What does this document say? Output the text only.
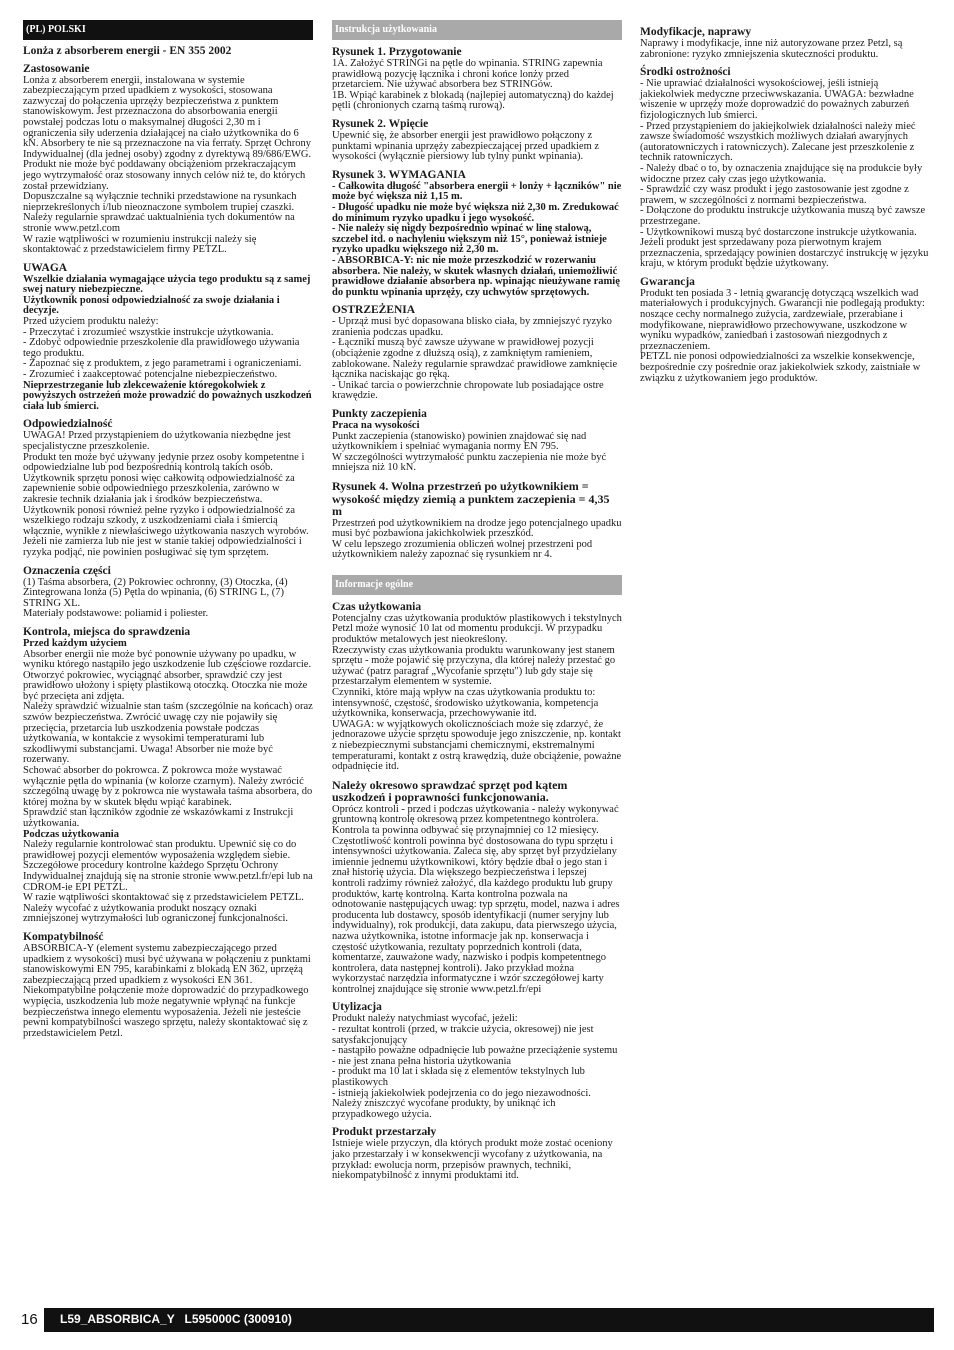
(PL) POLSKI
Lonża z absorberem energii - EN 355 2002
Zastosowanie

Lonża z absorberem energii, instalowana w systemie zabezpieczającym przed upadkiem z wysokości, stosowana zazwyczaj do połączenia uprzęży bezpieczeństwa z punktem stanowiskowym. Jest przeznaczona do absorbowania energii powstałej podczas lotu o maksymalnej długości 2,30 m i ograniczenia siły uderzenia działającej na ciało użytkownika do 6 kN. Absorbery te nie są przeznaczone na via ferraty. Sprzęt Ochrony Indywidualnej (dla jednej osoby) zgodny z dyrektywą 89/686/EWG.

Produkt nie może być poddawany obciążeniom przekraczającym jego wytrzymałość oraz stosowany innych celów niż te, do których został przewidziany.

Dopuszczalne są wyłącznie techniki przedstawione na rysunkach nieprzekreślonych i/lub nieoznaczone symbolem trupiej czaszki. Należy regularnie sprawdzać uaktualnienia tych dokumentów na stronie www.petzl.com

W razie wątpliwości w rozumieniu instrukcji należy się skontaktować z przedstawicielem firmy PETZL.

UWAGA
Wszelkie działania wymagające użycia tego produktu są z samej swej natury niebezpieczne.
Użytkownik ponosi odpowiedzialność za swoje działania i decyzje.

Przed użyciem produktu należy:

- Przeczytać i zrozumieć wszystkie instrukcje użytkowania.

- Zdobyć odpowiednie przeszkolenie dla prawidłowego używania tego produktu.

- Zapoznać się z produktem, z jego parametrami i ograniczeniami.

- Zrozumieć i zaakceptować potencjalne niebezpieczeństwo.

Nieprzestrzeganie lub zlekceważenie któregokolwiek z powyższych ostrzeżeń może prowadzić do poważnych uszkodzeń ciała lub śmierci.
Odpowiedzialność

UWAGA! Przed przystąpieniem do użytkowania niezbędne jest specjalistyczne przeszkolenie.

Produkt ten może być używany jedynie przez osoby kompetentne i odpowiedzialne lub pod bezpośrednią kontrolą takich osób.

Użytkownik sprzętu ponosi więc całkowitą odpowiedzialność za zapewnienie sobie odpowiedniego przeszkolenia, zarówno w zakresie technik działania jak i środków bezpieczeństwa.

Użytkownik ponosi również pełne ryzyko i odpowiedzialność za wszelkiego rodzaju szkody, z uszkodzeniami ciała i śmiercią włącznie, wynikłe z niewłaściwego użytkowania naszych wyrobów. Jeżeli nie zamierza lub nie jest w stanie takiej odpowiedzialności i ryzyka podjąć, nie powinien posługiwać się tym sprzętem.

Oznaczenia części

(1) Taśma absorbera, (2) Pokrowiec ochronny, (3) Otoczka, (4) Zintegrowana lonża (5) Pętla do wpinania, (6) STRING L, (7) STRING XL.

Materiały podstawowe: poliamid i poliester.

Kontrola, miejsca do sprawdzenia
Przed każdym użyciem

Absorber energii nie może być ponownie używany po upadku, w wyniku którego nastąpiło jego uszkodzenie lub częściowe rozdarcie.

Otworzyć pokrowiec, wyciągnąć absorber, sprawdzić czy jest prawidłowo ułożony i spięty plastikową otoczką. Otoczka nie może być przecięta ani zdjęta.

Należy sprawdzić wizualnie stan taśm (szczególnie na końcach) oraz szwów bezpieczeństwa. Zwrócić uwagę czy nie pojawiły się przecięcia, przetarcia lub uszkodzenia powstałe podczas użytkowania, w kontakcie z wysokimi temperaturami lub szkodliwymi substancjami. Uwaga! Absorber nie może być rozerwany.

Schować absorber do pokrowca. Z pokrowca może wystawać wyłącznie pętla do wpinania (w kolorze czarnym). Należy zwrócić szczególną uwagę by z pokrowca nie wystawała taśma absorbera, do której można by w skutek błędu wpiąć karabinek.

Sprawdzić stan łączników zgodnie ze wskazówkami z Instrukcji użytkowania.

Podczas użytkowania

Należy regularnie kontrolować stan produktu. Upewnić się co do prawidłowej pozycji elementów wyposażenia względem siebie.

Szczegółowe procedury kontrolne każdego Sprzętu Ochrony Indywidualnej znajdują się na stronie stronie www.petzl.fr/epi lub na CDROM-ie EPI PETZL.

W razie wątpliwości skontaktować się z przedstawicielem PETZL. Należy wycofać z użytkowania produkt noszący oznaki zmniejszonej wytrzymałości lub ograniczonej funkcjonalności.

Kompatybilność

ABSORBICA-Y (element systemu zabezpieczającego przed upadkiem z wysokości) musi być używana w połączeniu z punktami stanowiskowymi EN 795, karabinkami z blokadą EN 362, uprzężą zabezpieczającą przed upadkiem z wysokości EN 361.

Niekompatybilne połączenie może doprowadzić do przypadkowego wypięcia, uszkodzenia lub może negatywnie wpłynąć na funkcje bezpieczeństwa innego elementu wyposażenia. Jeżeli nie jesteście pewni kompatybilności waszego sprzętu, należy skontaktować się z przedstawicielem Petzl.

Instrukcja użytkowania
Rysunek 1. Przygotowanie

1A. Założyć STRINGi na pętle do wpinania. STRING zapewnia prawidłową pozycję łącznika i chroni końce lonży przed przetarciem. Nie używać absorbera bez STRINGów.

1B. Wpiąć karabinek z blokadą (najlepiej automatyczną) do każdej pętli (chronionych czarną taśmą rurową).

Rysunek 2. Wpięcie

Upewnić się, że absorber energii jest prawidłowo połączony z punktami wpinania uprzęży zabezpieczającej przed upadkiem z wysokości (wyłącznie piersiowy lub tylny punkt wpinania).

Rysunek 3. WYMAGANIA
- Całkowita długość "absorbera energii + lonży + łączników" nie może być większa niż 1,15 m.
- Długość upadku nie może być większa niż 2,30 m. Zredukować do minimum ryzyko upadku i jego wysokość.
- Nie należy się nigdy bezpośrednio wpinać w linę stalową, szczebel itd. o nachyleniu większym niż 15°, ponieważ istnieje ryzyko upadku większego niż 2,30 m.
- ABSORBICA-Y: nic nie może przeszkodzić w rozerwaniu absorbera. Nie należy, w skutek własnych działań, uniemożliwić prawidłowe działanie absorbera np. wpinając nieużywane ramię do punktu wpinania uprzęży, czy uchwytów sprzętowych.
OSTRZEŻENIA

- Uprząż musi być dopasowana blisko ciała, by zmniejszyć ryzyko zranienia podczas upadku.

- Łączniki muszą być zawsze używane w prawidłowej pozycji (obciążenie zgodne z dłuższą osią), z zamkniętym ramieniem, zablokowane. Należy regularnie sprawdzać prawidłowe zamknięcie łącznika naciskając go ręką.

- Unikać tarcia o powierzchnie chropowate lub posiadające ostre krawędzie.

Punkty zaczepienia
Praca na wysokości

Punkt zaczepienia (stanowisko) powinien znajdować się nad użytkownikiem i spełniać wymagania normy EN 795.

W szczególności wytrzymałość punktu zaczepienia nie może być mniejsza niż 10 kN.

Rysunek 4. Wolna przestrzeń po użytkownikiem = wysokość między ziemią a punktem zaczepienia = 4,35 m

Przestrzeń pod użytkownikiem na drodze jego potencjalnego upadku musi być pozbawiona jakichkolwiek przeszkód.

W celu lepszego zrozumienia obliczeń wolnej przestrzeni pod użytkownikiem należy zapoznać się rysunkiem nr 4.

Informacje ogólne
Czas użytkowania

Potencjalny czas użytkowania produktów plastikowych i tekstylnych Petzl może wynosić 10 lat od momentu produkcji. W przypadku produktów metalowych jest nieokreślony.

Rzeczywisty czas użytkowania produktu warunkowany jest stanem sprzętu - może pojawić się przyczyna, dla której należy przestać go używać (patrz paragraf „Wycofanie sprzętu") lub gdy staje się przestarzałym elementem w systemie.

Czynniki, które mają wpływ na czas użytkowania produktu to: intensywność, częstość, środowisko użytkowania, kompetencja użytkownika, konserwacja, przechowywanie itd.

UWAGA: w wyjątkowych okolicznościach może się zdarzyć, że jednorazowe użycie sprzętu spowoduje jego zniszczenie, np. kontakt z niebezpiecznymi substancjami chemicznymi, ekstremalnymi temperaturami, kontakt z ostrą krawędzią, duże obciążenie, poważne odpadnięcie itd.

Należy okresowo sprawdzać sprzęt pod kątem uszkodzeń i poprawności funkcjonowania.

Oprócz kontroli - przed i podczas użytkowania - należy wykonywać gruntowną kontrolę okresową przez kompetentnego kontrolera. Kontrola ta powinna odbywać się przynajmniej co 12 miesięcy. Częstotliwość kontroli powinna być dostosowana do typu sprzętu i intensywności użytkowania. Zaleca się, aby sprzęt był przydzielany imiennie jednemu użytkownikowi, który będzie dbał o jego stan i znał historię użycia. Dla większego bezpieczeństwa i lepszej kontroli radzimy również założyć, dla każdego produktu lub grupy produktów, kartę kontrolną. Karta kontrolna pozwala na odnotowanie następujących uwag: typ sprzętu, model, nazwa i adres producenta lub dostawcy, sposób identyfikacji (numer seryjny lub indywidualny), rok produkcji, data zakupu, data pierwszego użycia, nazwa użytkownika, istotne informacje jak np. konserwacja i częstość użytkowania, rezultaty poprzednich kontroli (data, komentarze, zauważone wady, nazwisko i podpis kompetentnego kontrolera, data następnej kontroli). Jako przykład można wykorzystać narzędzia informatyczne i wzór szczegółowej karty kontrolnej znajdujące się stronie www.petzl.fr/epi

Utylizacja

Produkt należy natychmiast wycofać, jeżeli:

- rezultat kontroli (przed, w trakcie użycia, okresowej) nie jest satysfakcjonujący

- nastąpiło poważne odpadnięcie lub poważne przeciążenie systemu

- nie jest znana pełna historia użytkowania

- produkt ma 10 lat i składa się z elementów tekstylnych lub plastikowych

- istnieją jakiekolwiek podejrzenia co do jego niezawodności.

Należy zniszczyć wycofane produkty, by uniknąć ich przypadkowego użycia.

Produkt przestarzały

Istnieje wiele przyczyn, dla których produkt może zostać oceniony jako przestarzały i w konsekwencji wycofany z użytkowania, na przykład: ewolucja norm, przepisów prawnych, techniki, niekompatybilność z innymi produktami itd.

Modyfikacje, naprawy

Naprawy i modyfikacje, inne niż autoryzowane przez Petzl, są zabronione: ryzyko zmniejszenia skuteczności produktu.

Środki ostrożności

- Nie uprawiać działalności wysokościowej, jeśli istnieją jakiekolwiek medyczne przeciwwskazania. UWAGA: bezwładne wiszenie w uprzęży może doprowadzić do poważnych zaburzeń fizjologicznych lub śmierci.

- Przed przystąpieniem do jakiejkolwiek działalności należy mieć zawsze świadomość wszystkich możliwych działań awaryjnych (autoratowniczych i ratowniczych). Zalecane jest przeszkolenie z technik ratowniczych.

- Należy dbać o to, by oznaczenia znajdujące się na produkcie były widoczne przez cały czas jego użytkowania.

- Sprawdzić czy wasz produkt i jego zastosowanie jest zgodne z prawem, w szczególności z normami bezpieczeństwa.

- Dołączone do produktu instrukcje użytkowania muszą być zawsze przestrzegane.

- Użytkownikowi muszą być dostarczone instrukcje użytkowania. Jeżeli produkt jest sprzedawany poza pierwotnym krajem przeznaczenia, sprzedający powinien dostarczyć instrukcję w języku kraju, w którym produkt będzie użytkowany.

Gwarancja

Produkt ten posiada 3 - letnią gwarancję dotyczącą wszelkich wad materiałowych i produkcyjnych. Gwarancji nie podlegają produkty: noszące cechy normalnego zużycia, zardzewiałe, przerabiane i modyfikowane, nieprawidłowo przechowywane, uszkodzone w wyniku wypadków, zaniedbań i zastosowań niezgodnych z przeznaczeniem.

PETZL nie ponosi odpowiedzialności za wszelkie konsekwencje, bezpośrednie czy pośrednie oraz jakiekolwiek szkody, zaistniałe w związku z użytkowaniem jego produktów.

16 L59_ABSORBICA_Y   L595000C (300910)
